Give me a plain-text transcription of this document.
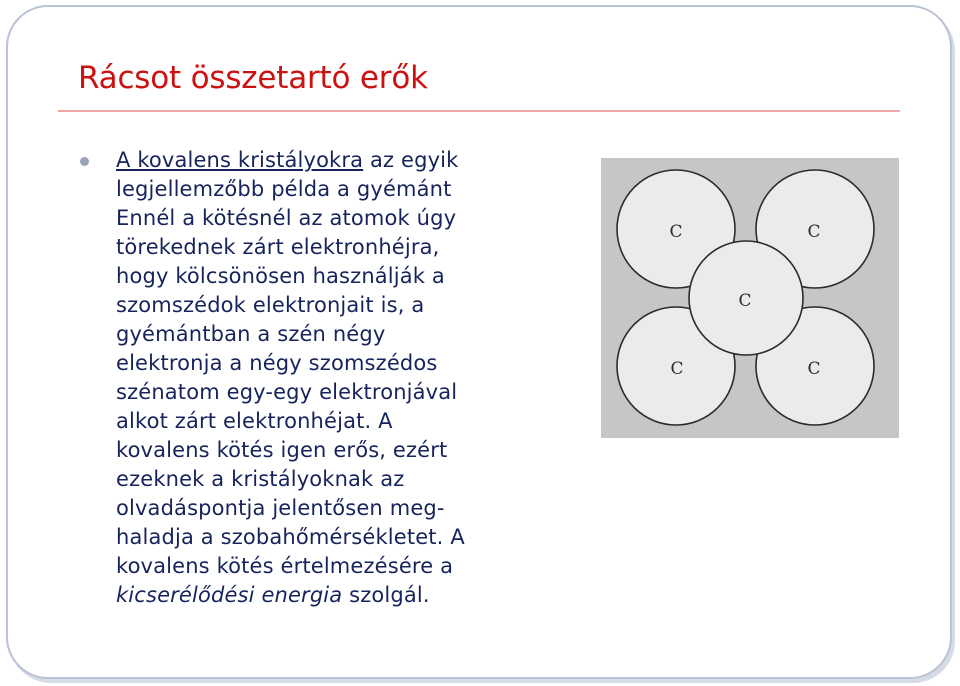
Rácsot összetartó erők
A kovalens kristályokra az egyik
legjellemzőbb példa a gyémánt
Ennél a kötésnél az atomok úgy
törekednek zárt elektronhéjra,
hogy kölcsönösen használják a
szomszédok elektronjait is, a
gyémántban a szén négy
elektronja a négy szomszédos
szénatom egy-egy elektronjával
alkot zárt elektronhéjat. A
kovalens kötés igen erős, ezért
ezeknek a kristályoknak az
olvadáspontja jelentősen meg-
haladja a szobahőmérsékletet. A
kovalens kötés értelmezésére a
kicserélődési energia szolgál.
C	C
C
C	C
